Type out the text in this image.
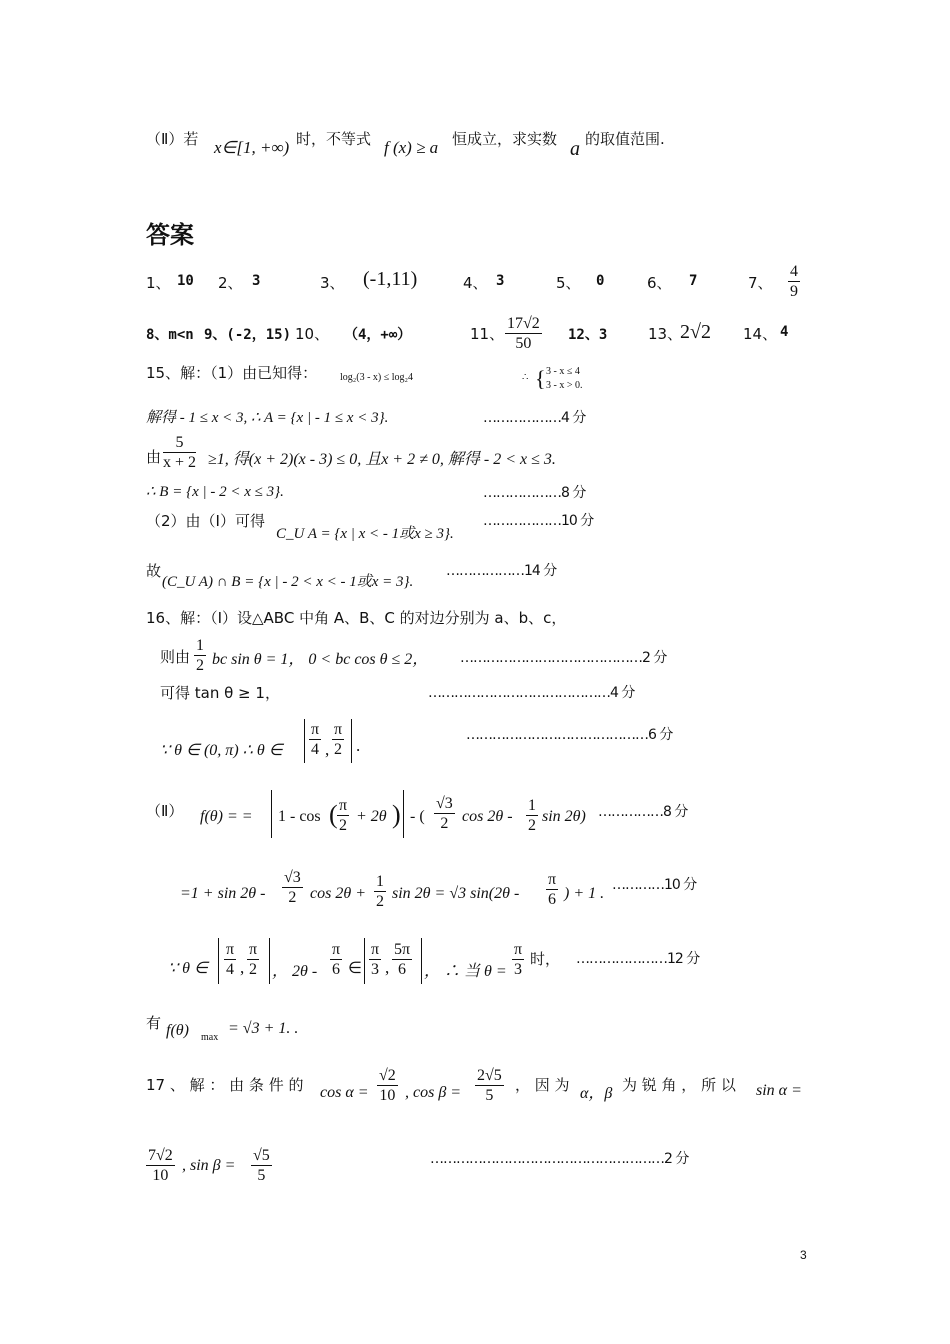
（Ⅱ）若 x∈[1, +∞) 时，不等式 f (x) ≥ a 恒成立，求实数 a 的取值范围.
答案
1、 10 2、 3	3、 (-1,11)	4、 3	5、 0	6、 7	7、 $\frac{4}{9}$
8、m<n 9、(-2，15) 10、 （4，+∞）	11、 $\frac{17√2}{50} 12$、3	13、
2√2 14、 4
15、解：（1）由已知得： log₂(3 - x) ≤ log₂4	∴ { 3 - x ≤ 4
3 - x > 0.
解得 - 1 ≤ x < 3, ∴ A = {x | - 1 ≤ x < 3}.	………………4 分
由 $\frac{5}{x + 2} \ge 1$, 得(x + 2)(x - 3) ≤ 0, 且x + 2 ≠ 0, 解得 - 2 < x ≤ 3.
∴ B = {x | - 2 < x ≤ 3}.	………………8 分
（2）由（Ⅰ）可得
C_U A = {x | x < - 1或x ≥ 3}.
………………10 分
故
(C_U A) ∩ B = {x | - 2 < x < - 1或x = 3}.
………………14 分
16、解：（Ⅰ）设△ABC 中角 A、B、C 的对边分别为 a、b、c，
则由 $\frac{1}{2}$ bc sin θ = 1， 0 < bc cos θ ≤ 2， ……………………………………2 分
可得 tan θ ≥ 1，	……………………………………4 分
∵ θ ∈ (0, π) ∴ θ ∈ $\frac{\pi}{4}$ , $\frac{\pi}{2}$ .
……………………………………6 分
（Ⅱ） f(θ) = = 1 - cos ( $\frac{\pi}{2} + 2\theta$ ) - ( $\frac{√3}{2}$ $\cos 2\theta - \frac{1}{2}$ sin 2θ) ……………8 分
$=1 + \sin 2\theta - \frac{√3}{2}$ $\cos 2\theta + \frac{1}{2}$ sin 2θ = √3 $\sin(2\theta - \frac{\pi}{6}$ ) + 1 . …………10 分
∵ θ ∈ $\frac{\pi}{4}$ , $\frac{\pi}{2}$ ， $2\theta - \frac{\pi}{6}$ ∈ $\frac{\pi}{3}$ , $\frac{5\pi}{6}$ ， ∴ 当 $\theta = \frac{\pi}{3}$ 时， …………………12 分
有 f(θ) max
= √3 + 1. .
17 、 解 ： 由 条 件 的 $\cos \alpha = \frac{√2}{10}$ , $\cos \beta = \frac{2√5}{5}$ ， 因 为 α，β 为 锐 角 ， 所 以 sin α =
$\frac{7√2}{10}$ , $\sin \beta = \frac{√5}{5}$	………………………………………………2 分
3
